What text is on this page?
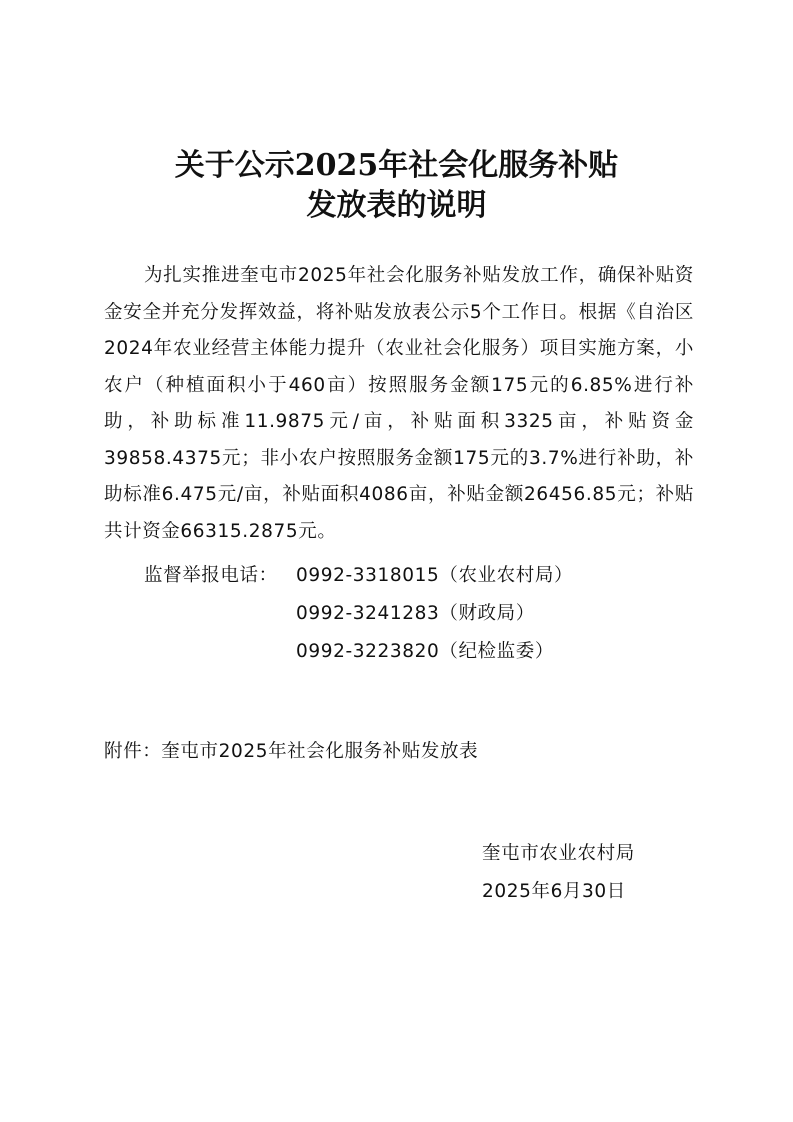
关于公示2025年社会化服务补贴
发放表的说明
为扎实推进奎屯市2025年社会化服务补贴发放工作，确保补贴资金安全并充分发挥效益，将补贴发放表公示5个工作日。根据《自治区2024年农业经营主体能力提升（农业社会化服务）项目实施方案，小农户（种植面积小于460亩）按照服务金额175元的6.85%进行补助，补助标准11.9875元/亩，补贴面积3325亩，补贴资金39858.4375元；非小农户按照服务金额175元的3.7%进行补助，补助标准6.475元/亩，补贴面积4086亩，补贴金额26456.85元；补贴共计资金66315.2875元。
监督举报电话： 0992-3318015（农业农村局）
0992-3241283（财政局）
0992-3223820（纪检监委）
附件：奎屯市2025年社会化服务补贴发放表
奎屯市农业农村局
2025年6月30日
